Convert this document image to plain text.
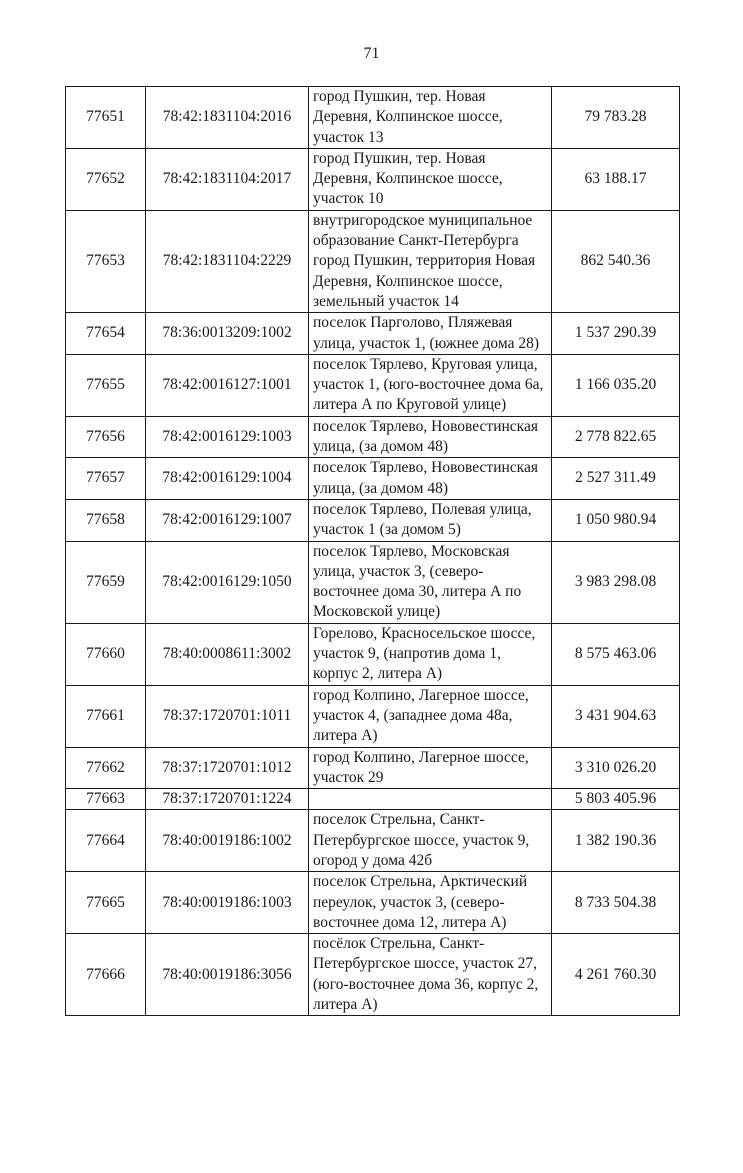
71
77651	78:42:1831104:2016	город Пушкин, тер. Новая Деревня, Колпинское шоссе, участок 13	79 783.28
77652	78:42:1831104:2017	город Пушкин, тер. Новая Деревня, Колпинское шоссе, участок 10	63 188.17
77653	78:42:1831104:2229	внутригородское муниципальное образование Санкт-Петербурга город Пушкин, территория Новая Деревня, Колпинское шоссе, земельный участок 14	862 540.36
77654	78:36:0013209:1002	поселок Парголово, Пляжевая улица, участок 1, (южнее дома 28)	1 537 290.39
77655	78:42:0016127:1001	поселок Тярлево, Круговая улица, участок 1, (юго-восточнее дома 6а, литера А по Круговой улице)	1 166 035.20
77656	78:42:0016129:1003	поселок Тярлево, Нововестинская улица, (за домом 48)	2 778 822.65
77657	78:42:0016129:1004	поселок Тярлево, Нововестинская улица, (за домом 48)	2 527 311.49
77658	78:42:0016129:1007	поселок Тярлево, Полевая улица, участок 1 (за домом 5)	1 050 980.94
77659	78:42:0016129:1050	поселок Тярлево, Московская улица, участок 3, (северо-восточнее дома 30, литера А по Московской улице)	3 983 298.08
77660	78:40:0008611:3002	Горелово, Красносельское шоссе, участок 9, (напротив дома 1, корпус 2, литера А)	8 575 463.06
77661	78:37:1720701:1011	город Колпино, Лагерное шоссе, участок 4, (западнее дома 48а, литера А)	3 431 904.63
77662	78:37:1720701:1012	город Колпино, Лагерное шоссе, участок 29	3 310 026.20
77663	78:37:1720701:1224		5 803 405.96
77664	78:40:0019186:1002	поселок Стрельна, Санкт-Петербургское шоссе, участок 9, огород у дома 42б	1 382 190.36
77665	78:40:0019186:1003	поселок Стрельна, Арктический переулок, участок 3, (северо-восточнее дома 12, литера А)	8 733 504.38
77666	78:40:0019186:3056	посёлок Стрельна, Санкт-Петербургское шоссе, участок 27, (юго-восточнее дома 36, корпус 2, литера А)	4 261 760.30
